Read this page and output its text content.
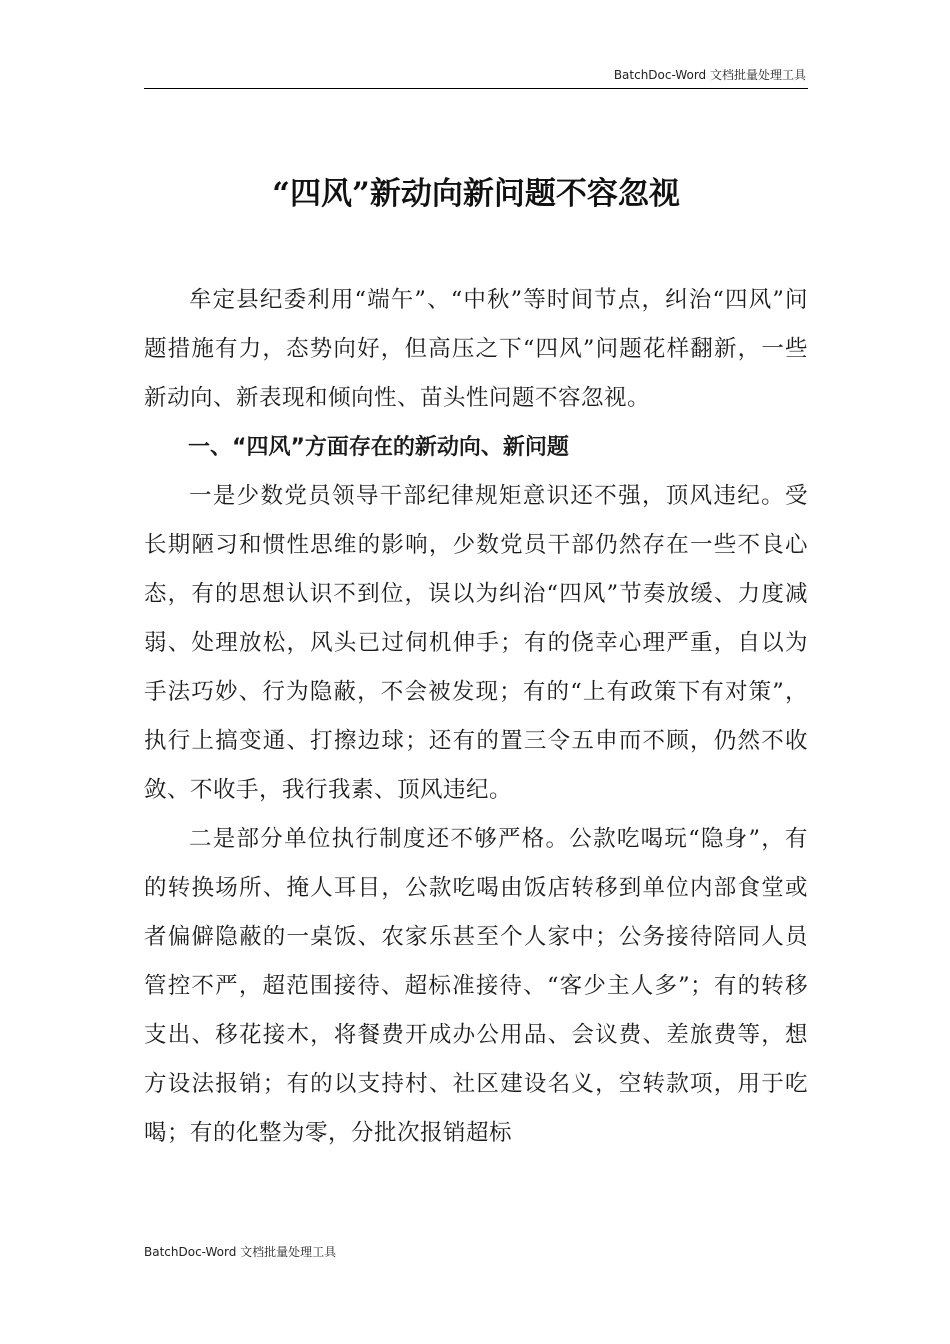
BatchDoc-Word 文档批量处理工具
“四风”新动向新问题不容忽视

牟定县纪委利用“端午”、“中秋”等时间节点，纠治“四风”问题措施有力，态势向好，但高压之下“四风”问题花样翻新，一些新动向、新表现和倾向性、苗头性问题不容忽视。

一、“四风”方面存在的新动向、新问题

一是少数党员领导干部纪律规矩意识还不强，顶风违纪。受长期陋习和惯性思维的影响，少数党员干部仍然存在一些不良心态，有的思想认识不到位，误以为纠治“四风”节奏放缓、力度减弱、处理放松，风头已过伺机伸手；有的侥幸心理严重，自以为手法巧妙、行为隐蔽，不会被发现；有的“上有政策下有对策”，执行上搞变通、打擦边球；还有的置三令五申而不顾，仍然不收敛、不收手，我行我素、顶风违纪。

二是部分单位执行制度还不够严格。公款吃喝玩“隐身”，有的转换场所、掩人耳目，公款吃喝由饭店转移到单位内部食堂或者偏僻隐蔽的一桌饭、农家乐甚至个人家中；公务接待陪同人员管控不严，超范围接待、超标准接待、“客少主人多”；有的转移支出、移花接木，将餐费开成办公用品、会议费、差旅费等，想方设法报销；有的以支持村、社区建设名义，空转款项，用于吃喝；有的化整为零，分批次报销超标

BatchDoc-Word 文档批量处理工具
